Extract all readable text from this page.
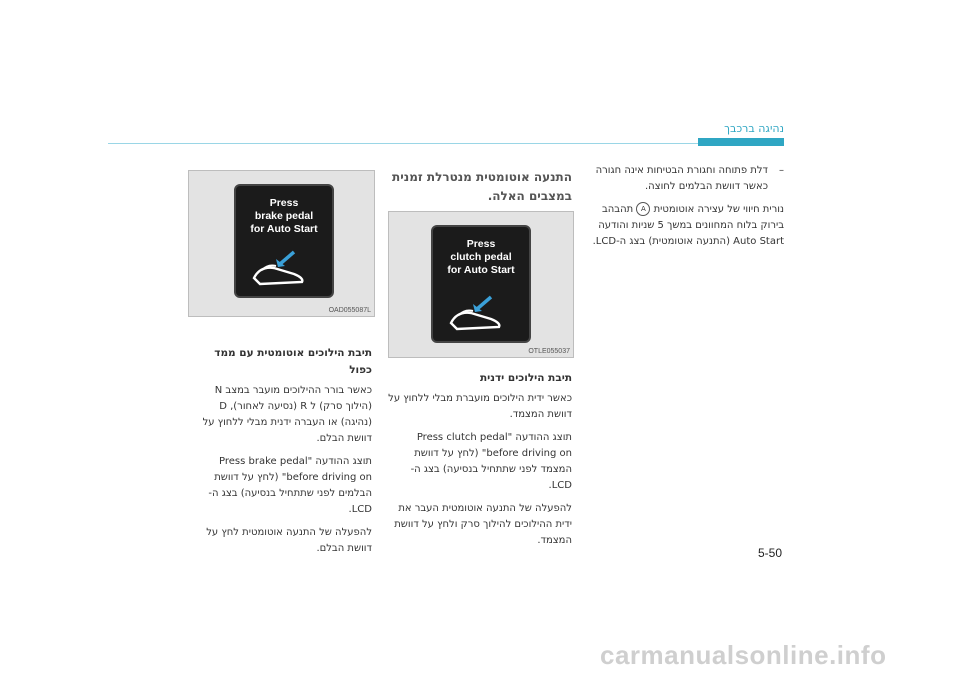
נהיגה ברכבך

–
דלת פתוחה וחגורת הבטיחות אינה חגורה כאשר דוושת הבלמים לחוצה.

נורית חיווי של עצירה אוטומטית A תהבהב בירוק בלוח המחוונים במשך 5 שניות והודעה Auto Start (התנעה אוטומטית) בצג ה-LCD.

התנעה אוטומטית מנטרלת זמנית במצבים האלה.

Press
clutch pedal
for Auto Start
OTLE055037

תיבת הילוכים ידנית

כאשר ידית הילוכים מועברת מבלי ללחוץ על דוושת המצמד.

תוצג ההודעה "Press clutch pedal before driving on" (לחץ על דוושת המצמד לפני שתתחיל בנסיעה) בצג ה-LCD.

להפעלה של התנעה אוטומטית העבר את ידית ההילוכים להילוך סרק ולחץ על דוושת המצמד.

Press
brake pedal
for Auto Start
OAD055087L

תיבת הילוכים אוטומטית עם ממד כפול

כאשר בורר ההילוכים מועבר במצב N (הילוך סרק) ל R (נסיעה לאחור), D (נהיגה) או העברה ידנית מבלי ללחוץ על דוושת הבלם.

תוצג ההודעה "Press brake pedal before driving on" (לחץ על דוושת הבלמים לפני שתתחיל בנסיעה) בצג ה-LCD.

להפעלה של התנעה אוטומטית לחץ על דוושת הבלם.	5-50
carmanualsonline.info
